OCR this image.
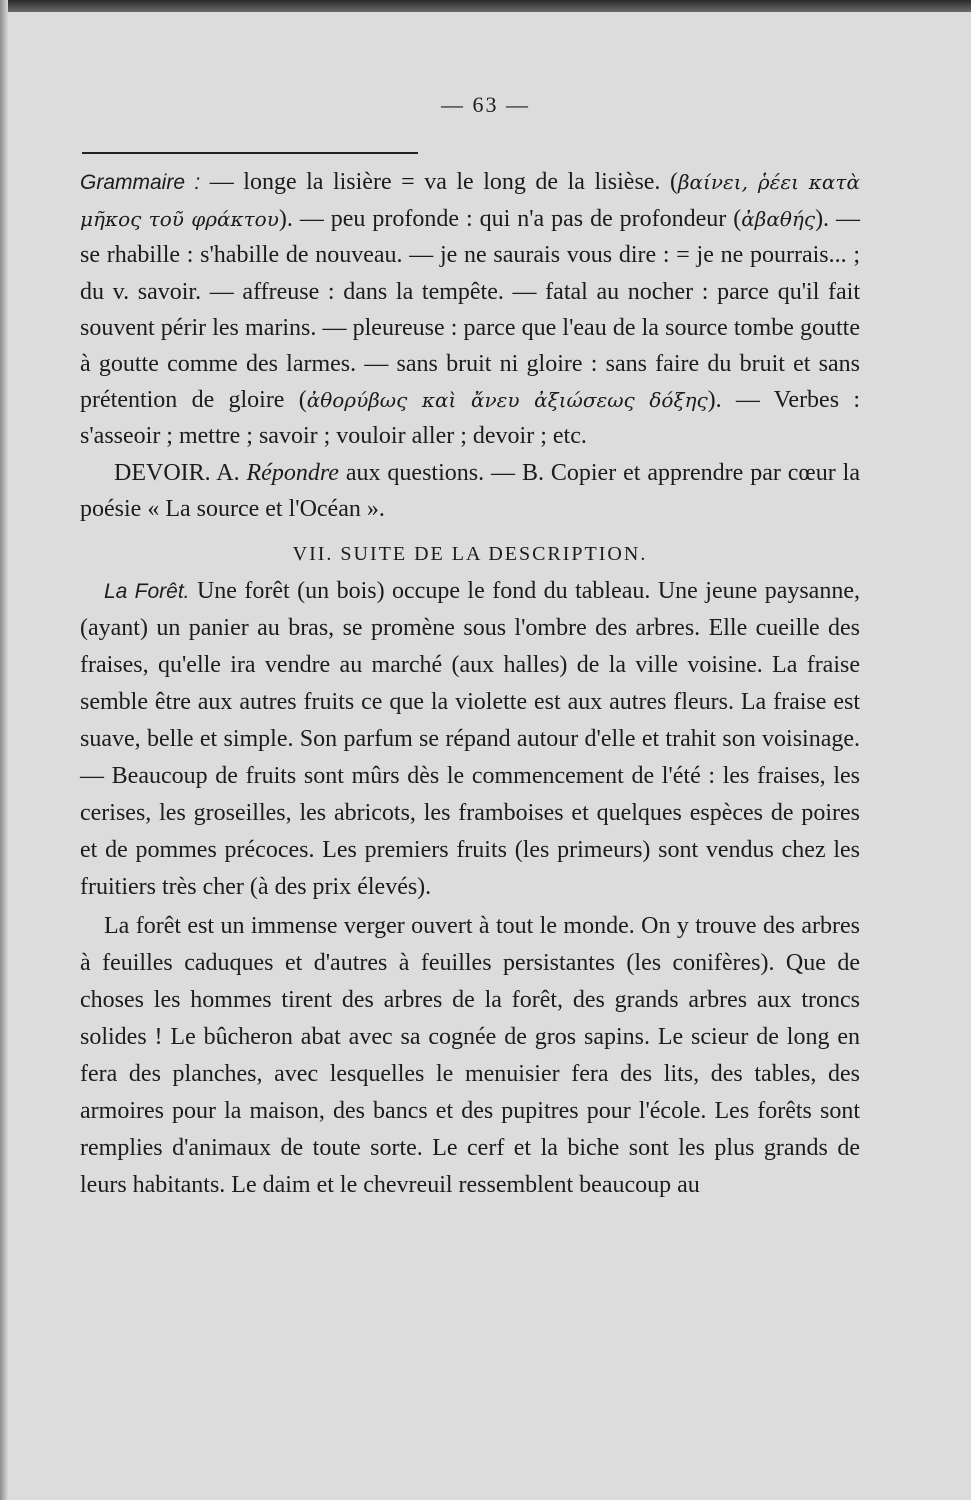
— 63 —

Grammaire : — longe la lisière = va le long de la lisièse. (βαίνει, ῥέει κατὰ μῆκος τοῦ φράκτου). — peu profonde : qui n'a pas de profondeur (ἀβαθής). — se rhabille : s'habille de nouveau. — je ne saurais vous dire : = je ne pourrais... ; du v. savoir. — affreuse : dans la tempête. — fatal au nocher : parce qu'il fait souvent périr les marins. — pleureuse : parce que l'eau de la source tombe goutte à goutte comme des larmes. — sans bruit ni gloire : sans faire du bruit et sans prétention de gloire (ἀθορύβως καὶ ἄνευ ἀξιώσεως δόξης). — Verbes : s'asseoir ; mettre ; savoir ; vouloir aller ; devoir ; etc.

DEVOIR. A. Répondre aux questions. — B. Copier et apprendre par cœur la poésie « La source et l'Océan ».

VII. SUITE DE LA DESCRIPTION.

La Forêt. Une forêt (un bois) occupe le fond du tableau. Une jeune paysanne, (ayant) un panier au bras, se promène sous l'ombre des arbres. Elle cueille des fraises, qu'elle ira vendre au marché (aux halles) de la ville voisine. La fraise semble être aux autres fruits ce que la violette est aux autres fleurs. La fraise est suave, belle et simple. Son parfum se répand autour d'elle et trahit son voisinage. — Beaucoup de fruits sont mûrs dès le commencement de l'été : les fraises, les cerises, les groseilles, les abricots, les framboises et quelques espèces de poires et de pommes précoces. Les premiers fruits (les primeurs) sont vendus chez les fruitiers très cher (à des prix élevés).

La forêt est un immense verger ouvert à tout le monde. On y trouve des arbres à feuilles caduques et d'autres à feuilles persistantes (les conifères). Que de choses les hommes tirent des arbres de la forêt, des grands arbres aux troncs solides ! Le bûcheron abat avec sa cognée de gros sapins. Le scieur de long en fera des planches, avec lesquelles le menuisier fera des lits, des tables, des armoires pour la maison, des bancs et des pupitres pour l'école. Les forêts sont remplies d'animaux de toute sorte. Le cerf et la biche sont les plus grands de leurs habitants. Le daim et le chevreuil ressemblent beaucoup au
